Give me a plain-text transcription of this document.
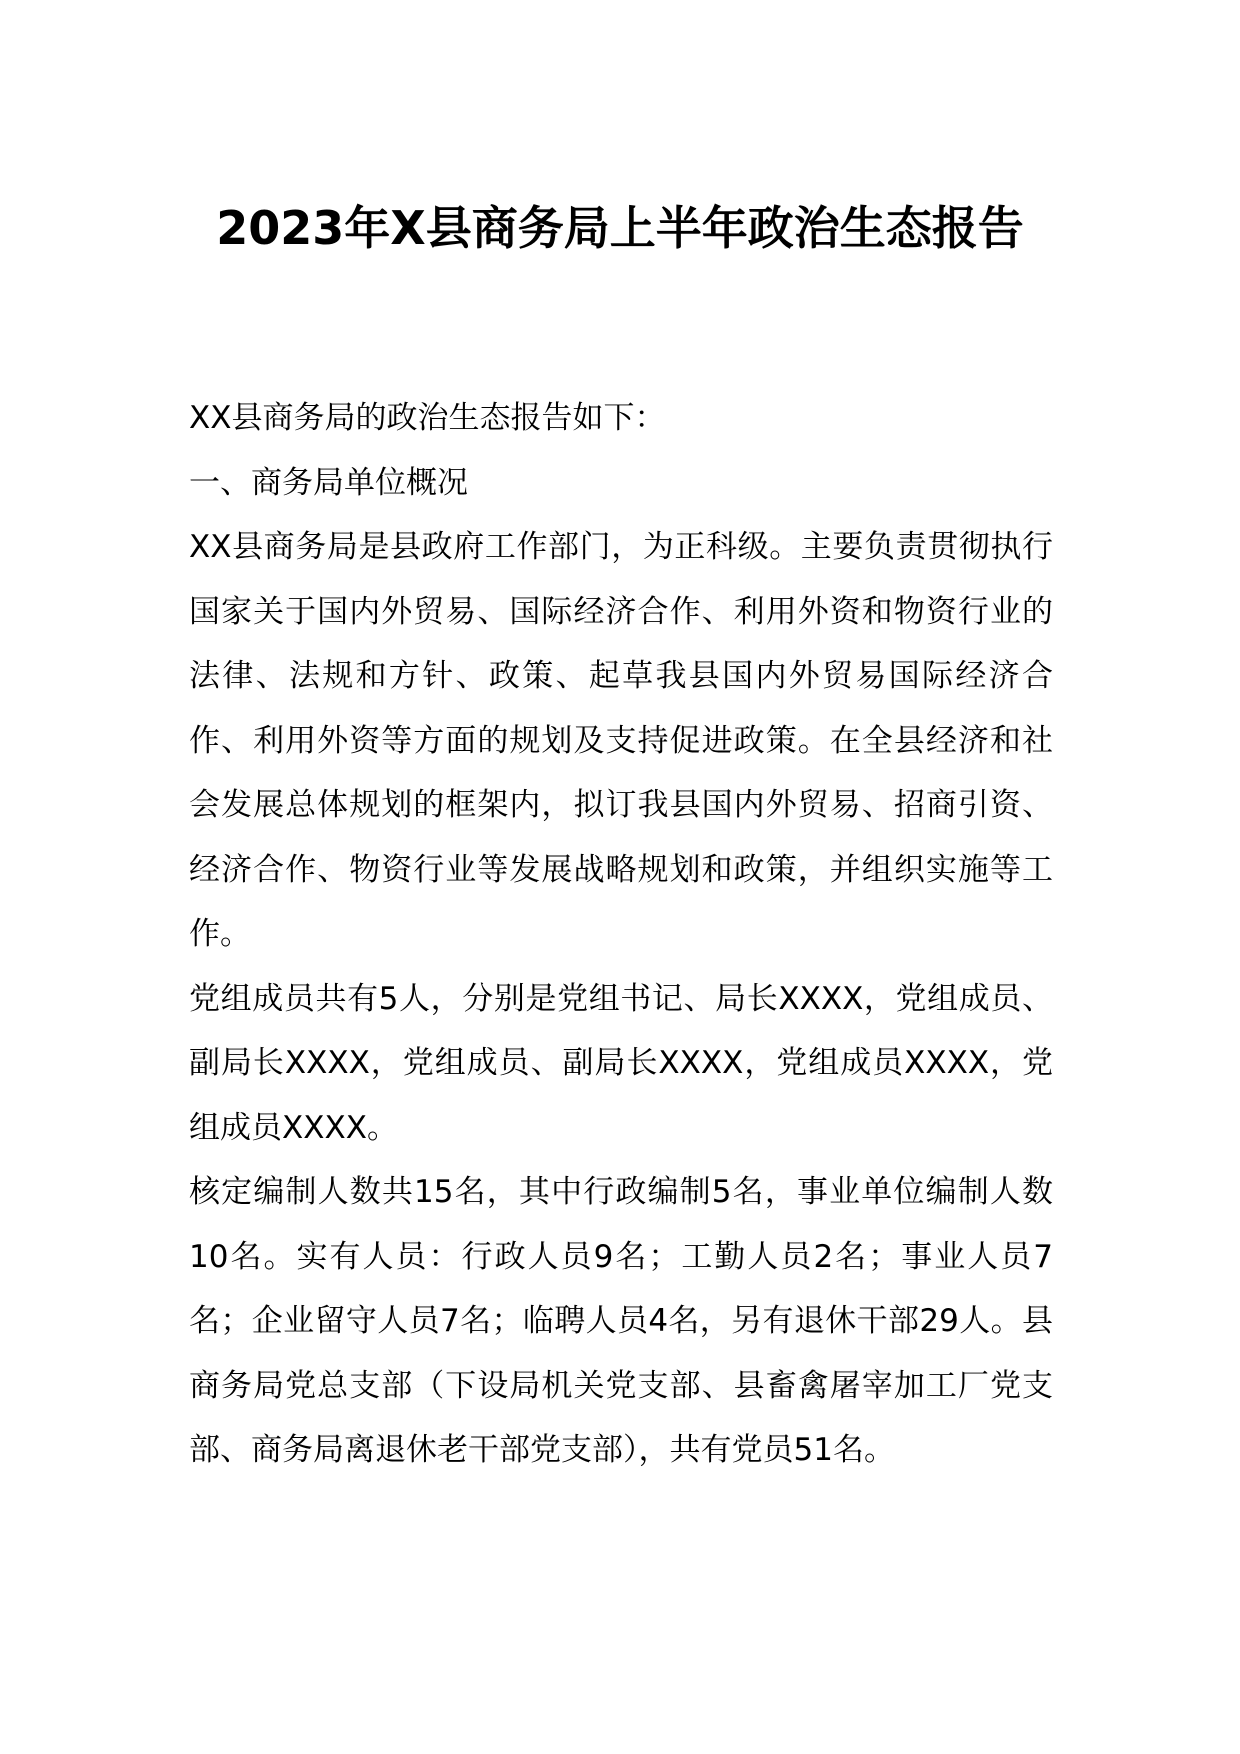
2023年X县商务局上半年政治生态报告

XX县商务局的政治生态报告如下：

一、商务局单位概况

XX县商务局是县政府工作部门，为正科级。主要负责贯彻执行国家关于国内外贸易、国际经济合作、利用外资和物资行业的法律、法规和方针、政策、起草我县国内外贸易国际经济合作、利用外资等方面的规划及支持促进政策。在全县经济和社会发展总体规划的框架内，拟订我县国内外贸易、招商引资、经济合作、物资行业等发展战略规划和政策，并组织实施等工作。

党组成员共有5人，分别是党组书记、局长XXXX，党组成员、副局长XXXX，党组成员、副局长XXXX，党组成员XXXX，党组成员XXXX。

核定编制人数共15名，其中行政编制5名，事业单位编制人数10名。实有人员：行政人员9名；工勤人员2名；事业人员7名；企业留守人员7名；临聘人员4名，另有退休干部29人。县商务局党总支部（下设局机关党支部、县畜禽屠宰加工厂党支部、商务局离退休老干部党支部），共有党员51名。
